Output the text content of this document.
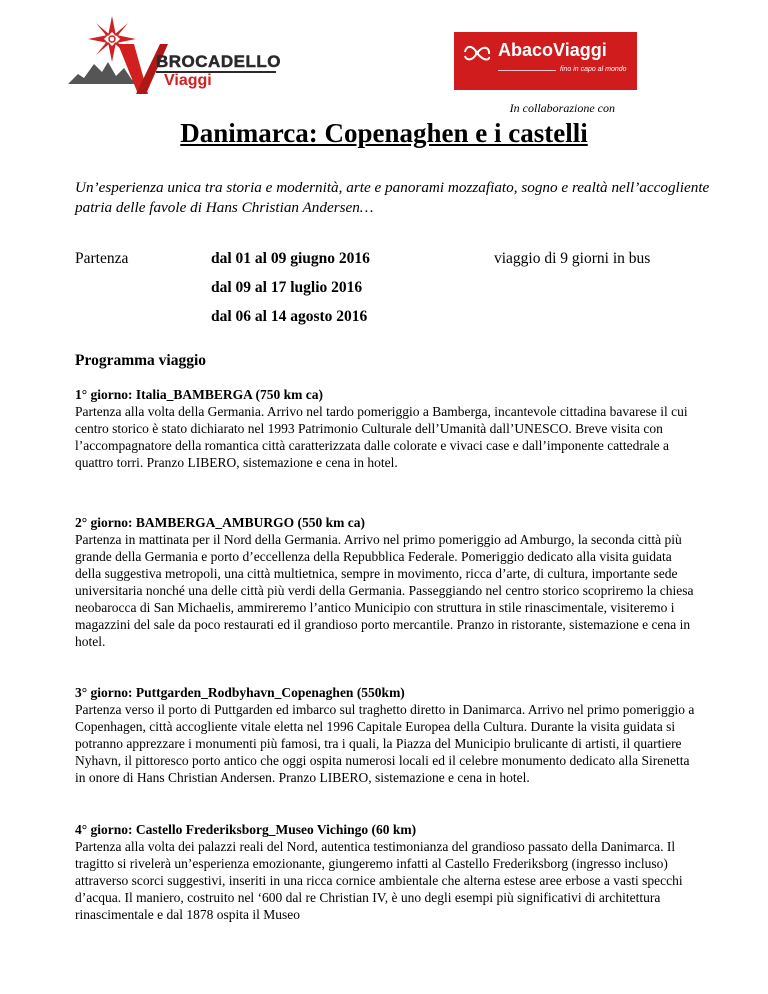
BROCADELLO
Viaggi
AbacoViaggi
fino in capo al mondo
In collaborazione con
Danimarca: Copenaghen e i castelli
Un’esperienza unica tra storia e modernità, arte e panorami mozzafiato, sogno e realtà nell’accogliente patria delle favole di Hans Christian Andersen…
Partenza	dal 01 al 09 giugno 2016
dal 09 al 17 luglio 2016
dal 06 al 14 agosto 2016
viaggio di 9 giorni in bus
Programma viaggio

1° giorno: Italia_BAMBERGA (750 km ca)

Partenza alla volta della Germania. Arrivo nel tardo pomeriggio a Bamberga, incantevole cittadina bavarese il cui centro storico è stato dichiarato nel 1993 Patrimonio Culturale dell’Umanità dall’UNESCO. Breve visita con l’accompagnatore della romantica città caratterizzata dalle colorate e vivaci case e dall’imponente cattedrale a quattro torri. Pranzo LIBERO, sistemazione e cena in hotel.

2° giorno: BAMBERGA_AMBURGO (550 km ca)

Partenza in mattinata per il Nord della Germania. Arrivo nel primo pomeriggio ad Amburgo, la seconda città più grande della Germania e porto d’eccellenza della Repubblica Federale. Pomeriggio dedicato alla visita guidata della suggestiva metropoli, una città multietnica, sempre in movimento, ricca d’arte, di cultura, importante sede universitaria nonché una delle città più verdi della Germania. Passeggiando nel centro storico scopriremo la chiesa neobarocca di San Michaelis, ammireremo l’antico Municipio con struttura in stile rinascimentale, visiteremo i magazzini del sale da poco restaurati ed il grandioso porto mercantile. Pranzo in ristorante, sistemazione e cena in hotel.

3° giorno: Puttgarden_Rodbyhavn_Copenaghen (550km)

Partenza verso il porto di Puttgarden ed imbarco sul traghetto diretto in Danimarca. Arrivo nel primo pomeriggio a Copenhagen, città accogliente vitale eletta nel 1996 Capitale Europea della Cultura. Durante la visita guidata si potranno apprezzare i monumenti più famosi, tra i quali, la Piazza del Municipio brulicante di artisti, il quartiere Nyhavn, il pittoresco porto antico che oggi ospita numerosi locali ed il celebre monumento dedicato alla Sirenetta in onore di Hans Christian Andersen. Pranzo LIBERO, sistemazione e cena in hotel.

4° giorno: Castello Frederiksborg_Museo Vichingo (60 km)

Partenza alla volta dei palazzi reali del Nord, autentica testimonianza del grandioso passato della Danimarca. Il tragitto si rivelerà un’esperienza emozionante, giungeremo infatti al Castello Frederiksborg (ingresso incluso) attraverso scorci suggestivi, inseriti in una ricca cornice ambientale che alterna estese aree erbose a vasti specchi d’acqua. Il maniero, costruito nel ‘600 dal re Christian IV, è uno degli esempi più significativi di architettura rinascimentale e dal 1878 ospita il Museo
